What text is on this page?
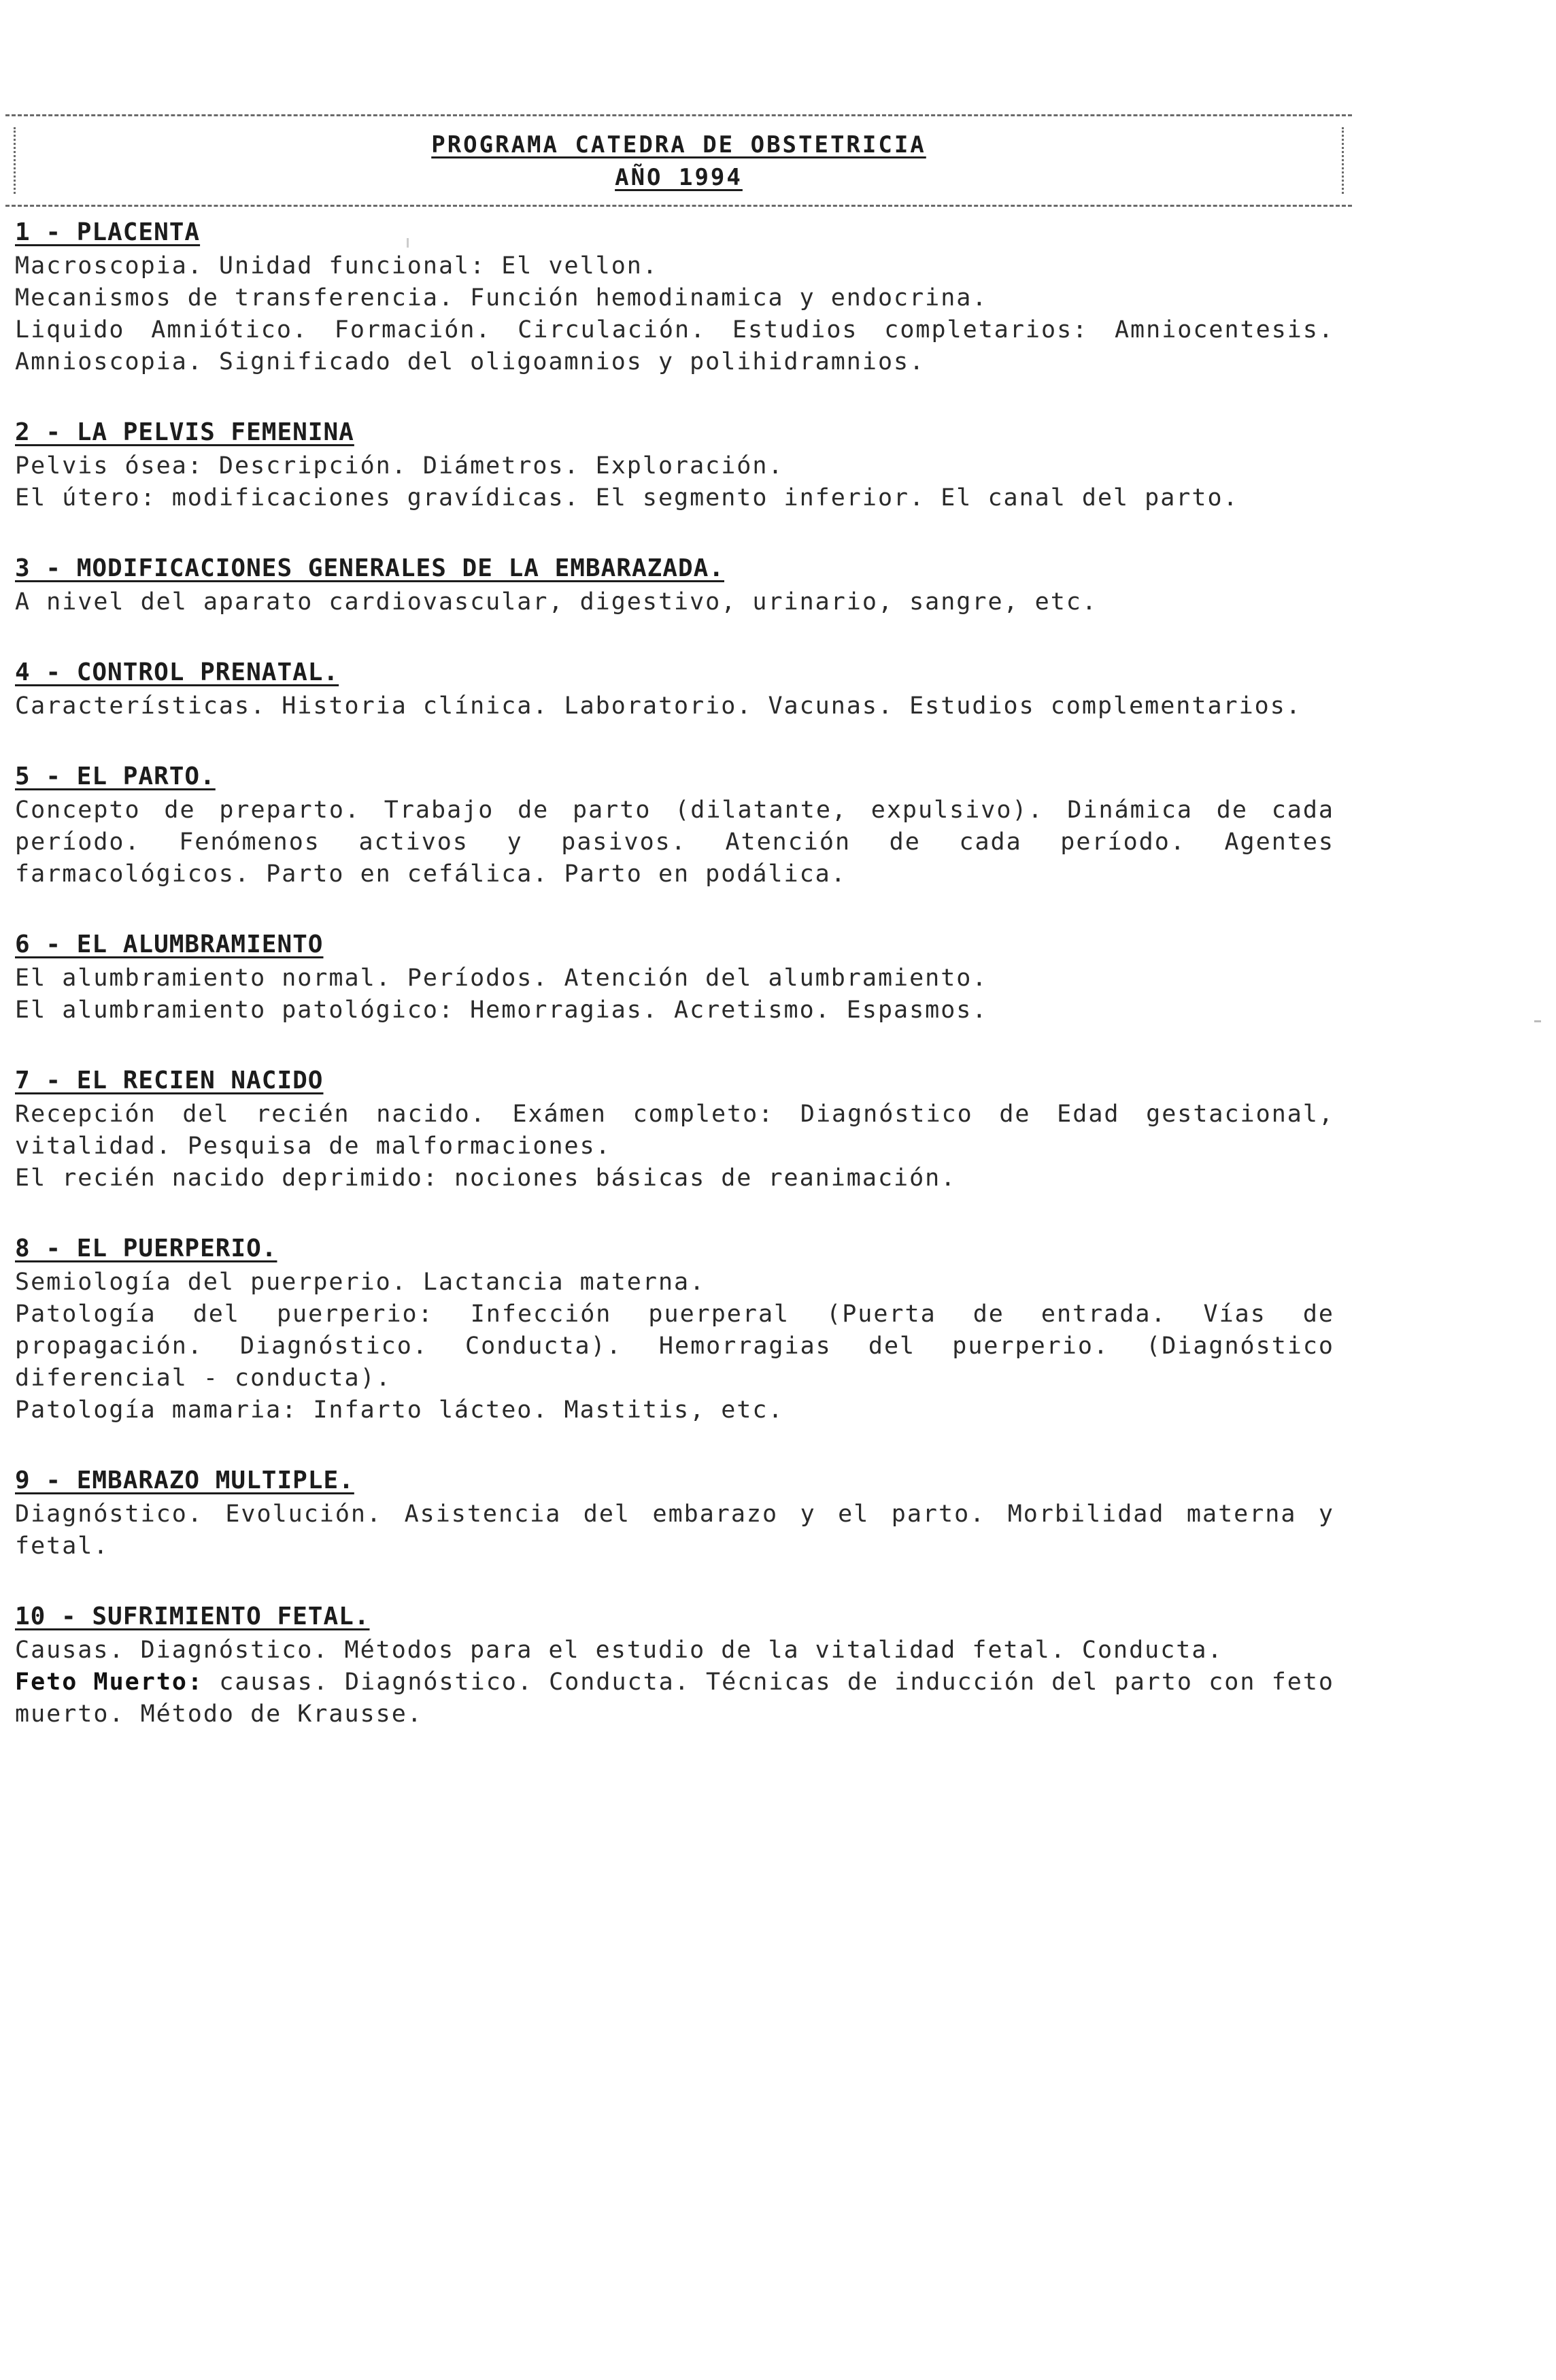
PROGRAMA CATEDRA DE OBSTETRICIA
AÑO 1994
1 - PLACENTA

Macroscopia. Unidad funcional: El vellon.

Mecanismos de transferencia. Función hemodinamica y endocrina.

Liquido Amniótico. Formación. Circulación. Estudios completarios: Amniocentesis. Amnioscopia. Significado del oligoamnios y polihidramnios.

2 - LA PELVIS FEMENINA

Pelvis ósea: Descripción. Diámetros. Exploración.

El útero: modificaciones gravídicas. El segmento inferior. El canal del parto.

3 - MODIFICACIONES GENERALES DE LA EMBARAZADA.

A nivel del aparato cardiovascular, digestivo, urinario, sangre, etc.

4 - CONTROL PRENATAL.

Características. Historia clínica. Laboratorio. Vacunas. Estudios complementarios.

5 - EL PARTO.

Concepto de preparto. Trabajo de parto (dilatante, expulsivo). Dinámica de cada período. Fenómenos activos y pasivos. Atención de cada período. Agentes farmacológicos. Parto en cefálica. Parto en podálica.

6 - EL ALUMBRAMIENTO

El alumbramiento normal. Períodos. Atención del alumbramiento.

El alumbramiento patológico: Hemorragias. Acretismo. Espasmos.

7 - EL RECIEN NACIDO

Recepción del recién nacido. Exámen completo: Diagnóstico de Edad gestacional, vitalidad. Pesquisa de malformaciones.

El recién nacido deprimido: nociones básicas de reanimación.

8 - EL PUERPERIO.

Semiología del puerperio. Lactancia materna.

Patología del puerperio: Infección puerperal (Puerta de entrada. Vías de propagación. Diagnóstico. Conducta). Hemorragias del puerperio. (Diagnóstico diferencial - conducta).

Patología mamaria: Infarto lácteo. Mastitis, etc.

9 - EMBARAZO MULTIPLE.

Diagnóstico. Evolución. Asistencia del embarazo y el parto. Morbilidad materna y fetal.

10 - SUFRIMIENTO FETAL.

Causas. Diagnóstico. Métodos para el estudio de la vitalidad fetal. Conducta.

Feto Muerto: causas. Diagnóstico. Conducta. Técnicas de inducción del parto con feto muerto. Método de Krausse.
